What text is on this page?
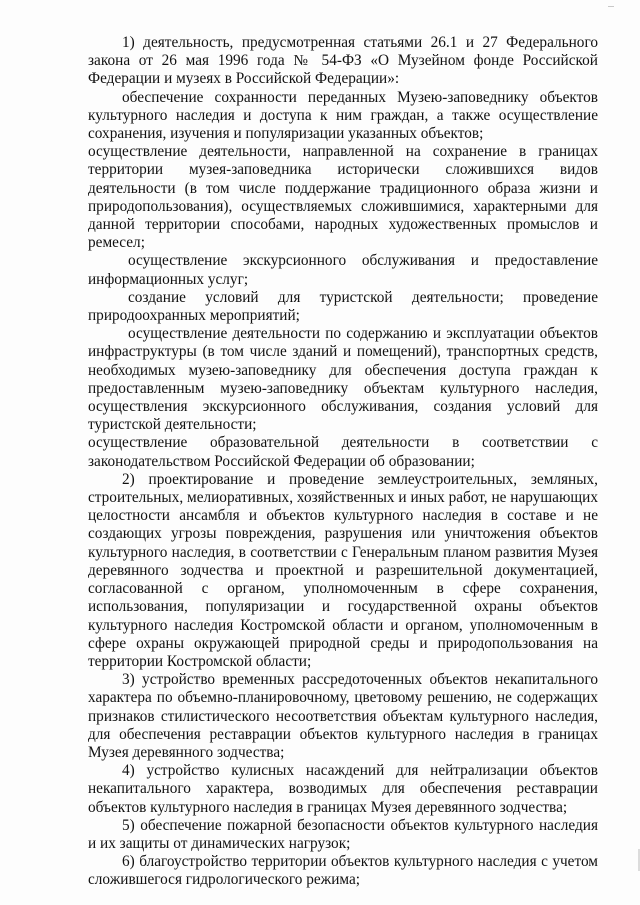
1) деятельность, предусмотренная статьями 26.1 и 27 Федерального закона от 26 мая 1996 года № 54-ФЗ «О Музейном фонде Российской Федерации и музеях в Российской Федерации»:

обеспечение сохранности переданных Музею-заповеднику объектов культурного наследия и доступа к ним граждан, а также осуществление сохранения, изучения и популяризации указанных объектов;

осуществление деятельности, направленной на сохранение в границах территории музея-заповедника исторически сложившихся видов деятельности (в том числе поддержание традиционного образа жизни и природопользования), осуществляемых сложившимися, характерными для данной территории способами, народных художественных промыслов и ремесел;

осуществление экскурсионного обслуживания и предоставление информационных услуг;

создание условий для туристской деятельности; проведение природоохранных мероприятий;

осуществление деятельности по содержанию и эксплуатации объектов инфраструктуры (в том числе зданий и помещений), транспортных средств, необходимых музею-заповеднику для обеспечения доступа граждан к предоставленным музею-заповеднику объектам культурного наследия, осуществления экскурсионного обслуживания, создания условий для туристской деятельности;

осуществление образовательной деятельности в соответствии с законодательством Российской Федерации об образовании;

2) проектирование и проведение землеустроительных, земляных, строительных, мелиоративных, хозяйственных и иных работ, не нарушающих целостности ансамбля и объектов культурного наследия в составе и не создающих угрозы повреждения, разрушения или уничтожения объектов культурного наследия, в соответствии с Генеральным планом развития Музея деревянного зодчества и проектной и разрешительной документацией, согласованной с органом, уполномоченным в сфере сохранения, использования, популяризации и государственной охраны объектов культурного наследия Костромской области и органом, уполномоченным в сфере охраны окружающей природной среды и природопользования на территории Костромской области;

3) устройство временных рассредоточенных объектов некапитального характера по объемно-планировочному, цветовому решению, не содержащих признаков стилистического несоответствия объектам культурного наследия, для обеспечения реставрации объектов культурного наследия в границах Музея деревянного зодчества;

4) устройство кулисных насаждений для нейтрализации объектов некапитального характера, возводимых для обеспечения реставрации объектов культурного наследия в границах Музея деревянного зодчества;

5) обеспечение пожарной безопасности объектов культурного наследия и их защиты от динамических нагрузок;

6) благоустройство территории объектов культурного наследия с учетом сложившегося гидрологического режима;
